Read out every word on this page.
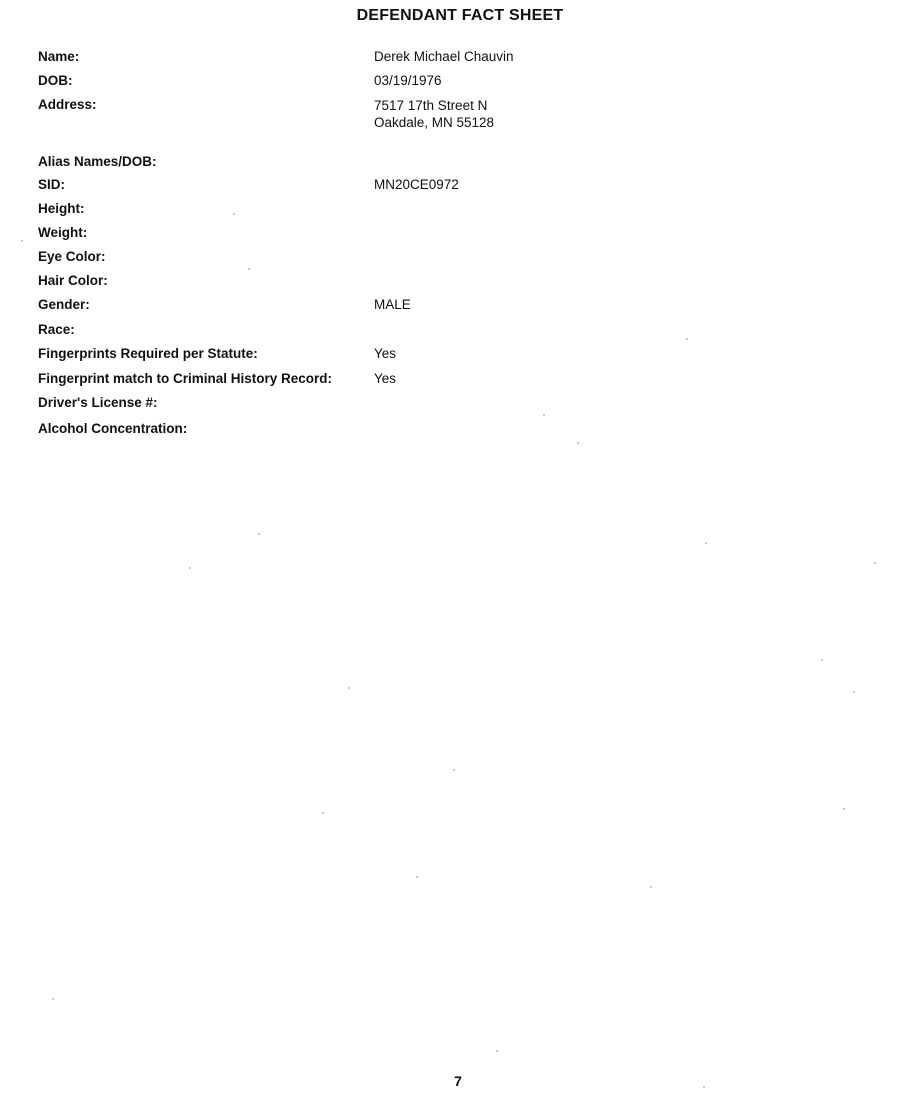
DEFENDANT FACT SHEET
Name:	Derek Michael Chauvin
DOB:	03/19/1976
Address:	7517 17th Street N
Oakdale, MN 55128
Alias Names/DOB:
SID:	MN20CE0972
Height:
Weight:
Eye Color:
Hair Color:
Gender:	MALE
Race:
Fingerprints Required per Statute:	Yes
Fingerprint match to Criminal History Record:	Yes
Driver's License #:
Alcohol Concentration:
7
